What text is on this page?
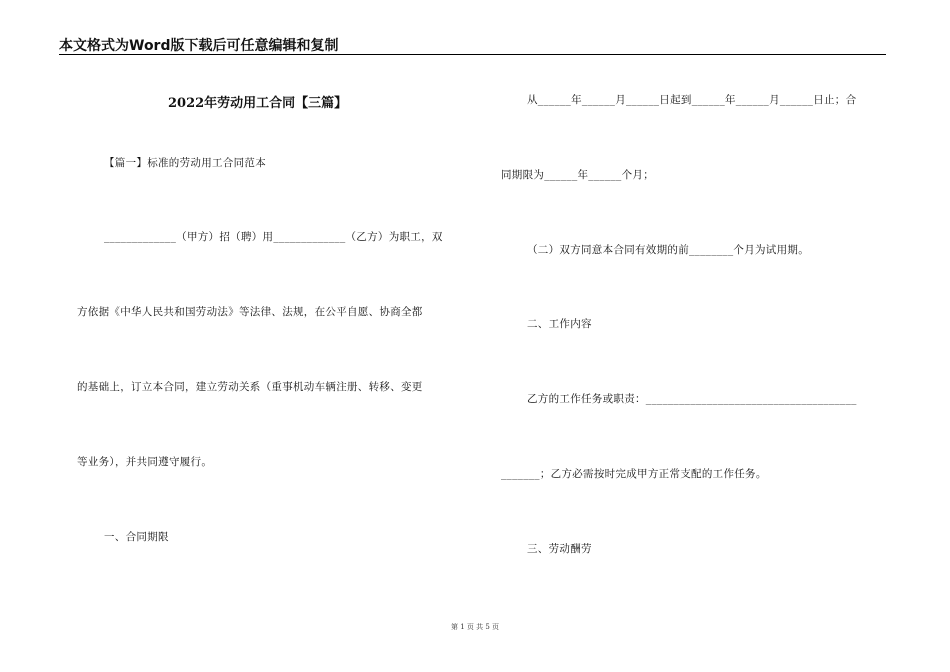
本文格式为Word版下载后可任意编辑和复制
2022年劳动用工合同【三篇】
【篇一】标准的劳动用工合同范本
_____________（甲方）招（聘）用_____________（乙方）为职工，双
方依据《中华人民共和国劳动法》等法律、法规，在公平自愿、协商全都
的基础上，订立本合同，建立劳动关系（重事机动车辆注册、转移、变更
等业务），并共同遵守履行。
一、合同期限
从______年______月______日起到______年______月______日止；合
同期限为______年______个月；
（二）双方同意本合同有效期的前________个月为试用期。
二、工作内容
乙方的工作任务或职责：______________________________________
_______；乙方必需按时完成甲方正常支配的工作任务。
三、劳动酬劳
第 1 页 共 5 页
